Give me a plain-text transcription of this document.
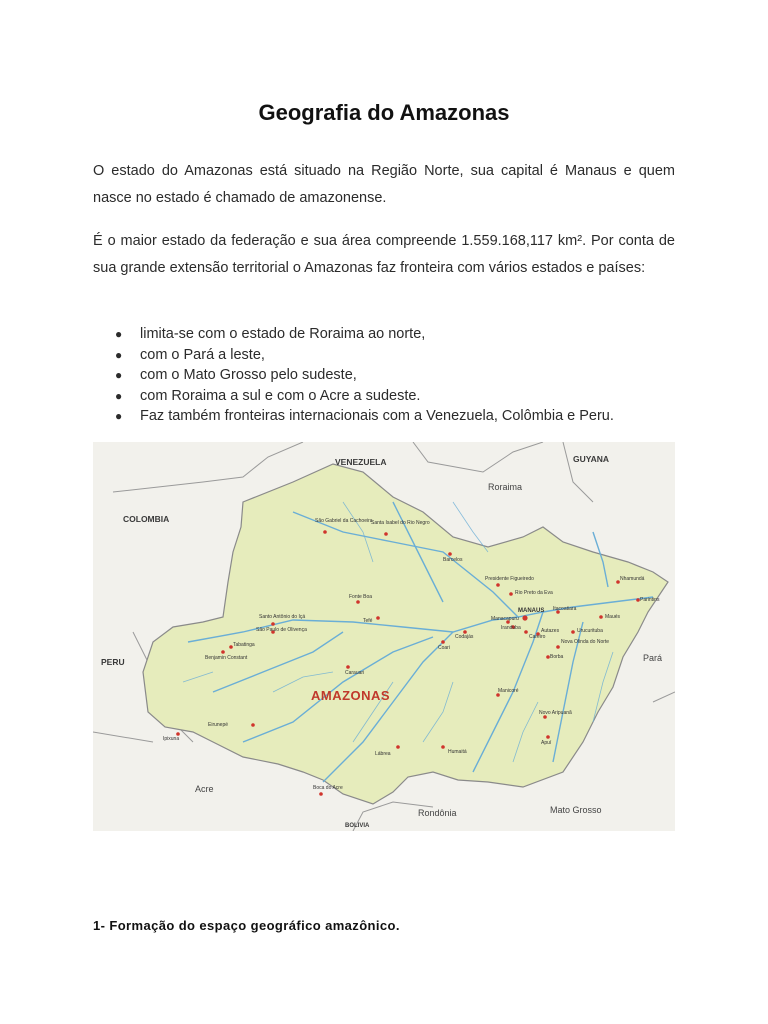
Geografia do Amazonas
O estado do Amazonas está situado na Região Norte, sua capital é Manaus e quem nasce no estado é chamado de amazonense.
É o maior estado da federação e sua área compreende 1.559.168,117 km². Por conta de sua grande extensão territorial o Amazonas faz fronteira com vários estados e países:
● limita-se com o estado de Roraima ao norte,
● com o Pará a leste,
● com o Mato Grosso pelo sudeste,
● com Roraima a sul e com o Acre a sudeste.
● Faz também fronteiras internacionais com a Venezuela, Colômbia e Peru.
VENEZUELA	GUYANA
COLOMBIA
PERU
BOLIVIA
Roraima
Pará
Acre
Rondônia	Mato Grosso
AMAZONAS
São Gabriel da Cachoeira
Santa Isabel do Rio Negro
Barcelos
Presidente Figueiredo
Rio Preto da Eva
MANAUS Itacoatiara
Nhamundá
Parintins
Urucurituba
Maués
Santo Antônio do Içá
Fonte Boa
Tefé
Coari
Codajás
Manacapuru
Iranduba
Careiro
Autazes
Nova Olinda do Norte
Borba
Tabatinga
Benjamin Constant
São Paulo de Olivença
Carauari
Eirunepé
Ipixuna
Lábrea	Humaitá
Manicoré
Novo Aripuanã
Apuí
Boca do Acre
1- Formação do espaço geográfico amazônico.
